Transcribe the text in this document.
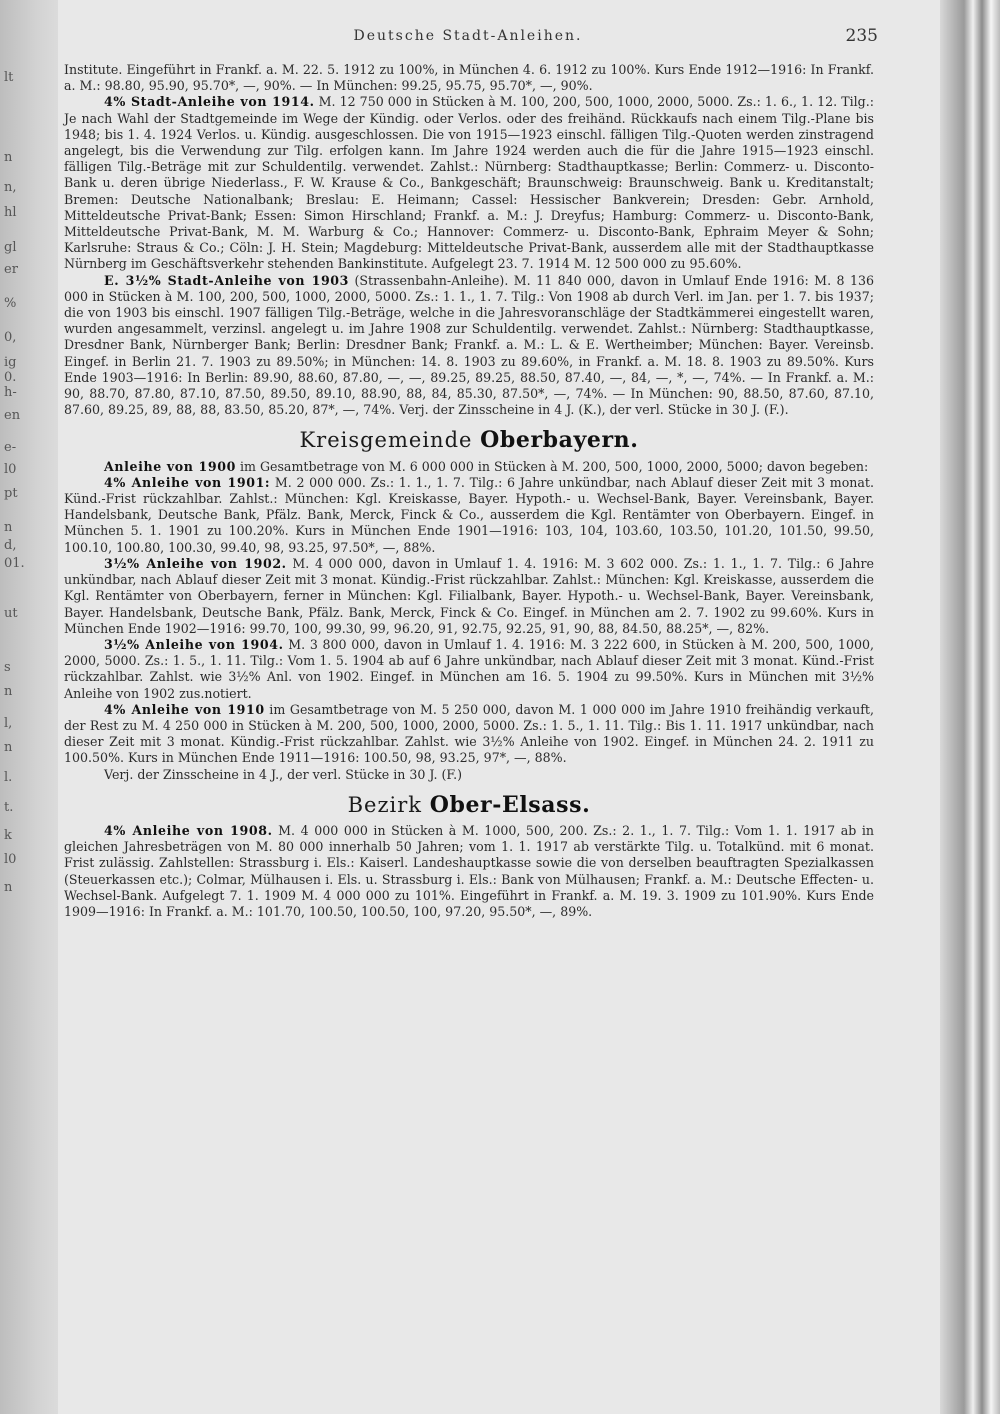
lt
n
n,
hl
gl
er
%
0,
ig
0.
h-
en
e-
l0
pt
n
d,
01.
ut
s
n
l,
n
l.
t.
k
l0
n
Deutsche Stadt-Anleihen.	235

Institute. Eingeführt in Frankf. a. M. 22. 5. 1912 zu 100%, in München 4. 6. 1912 zu 100%. Kurs Ende 1912—1916: In Frankf. a. M.: 98.80, 95.90, 95.70*, —, 90%. — In München: 99.25, 95.75, 95.70*, —, 90%.

4% Stadt-Anleihe von 1914. M. 12 750 000 in Stücken à M. 100, 200, 500, 1000, 2000, 5000. Zs.: 1. 6., 1. 12. Tilg.: Je nach Wahl der Stadtgemeinde im Wege der Kündig. oder Verlos. oder des freihänd. Rückkaufs nach einem Tilg.-Plane bis 1948; bis 1. 4. 1924 Verlos. u. Kündig. ausgeschlossen. Die von 1915—1923 einschl. fälligen Tilg.-Quoten werden zinstragend angelegt, bis die Verwendung zur Tilg. erfolgen kann. Im Jahre 1924 werden auch die für die Jahre 1915—1923 einschl. fälligen Tilg.-Beträge mit zur Schuldentilg. verwendet. Zahlst.: Nürnberg: Stadthauptkasse; Berlin: Commerz- u. Disconto-Bank u. deren übrige Niederlass., F. W. Krause & Co., Bankgeschäft; Braunschweig: Braunschweig. Bank u. Kreditanstalt; Bremen: Deutsche Nationalbank; Breslau: E. Heimann; Cassel: Hessischer Bankverein; Dresden: Gebr. Arnhold, Mitteldeutsche Privat-Bank; Essen: Simon Hirschland; Frankf. a. M.: J. Dreyfus; Hamburg: Commerz- u. Disconto-Bank, Mitteldeutsche Privat-Bank, M. M. Warburg & Co.; Hannover: Commerz- u. Disconto-Bank, Ephraim Meyer & Sohn; Karlsruhe: Straus & Co.; Cöln: J. H. Stein; Magdeburg: Mitteldeutsche Privat-Bank, ausserdem alle mit der Stadthauptkasse Nürnberg im Geschäftsverkehr stehenden Bankinstitute. Aufgelegt 23. 7. 1914 M. 12 500 000 zu 95.60%.

E. 3½% Stadt-Anleihe von 1903 (Strassenbahn-Anleihe). M. 11 840 000, davon in Umlauf Ende 1916: M. 8 136 000 in Stücken à M. 100, 200, 500, 1000, 2000, 5000. Zs.: 1. 1., 1. 7. Tilg.: Von 1908 ab durch Verl. im Jan. per 1. 7. bis 1937; die von 1903 bis einschl. 1907 fälligen Tilg.-Beträge, welche in die Jahresvoranschläge der Stadtkämmerei eingestellt waren, wurden angesammelt, verzinsl. angelegt u. im Jahre 1908 zur Schuldentilg. verwendet. Zahlst.: Nürnberg: Stadthauptkasse, Dresdner Bank, Nürnberger Bank; Berlin: Dresdner Bank; Frankf. a. M.: L. & E. Wertheimber; München: Bayer. Vereinsb. Eingef. in Berlin 21. 7. 1903 zu 89.50%; in München: 14. 8. 1903 zu 89.60%, in Frankf. a. M. 18. 8. 1903 zu 89.50%. Kurs Ende 1903—1916: In Berlin: 89.90, 88.60, 87.80, —, —, 89.25, 89.25, 88.50, 87.40, —, 84, —, *, —, 74%. — In Frankf. a. M.: 90, 88.70, 87.80, 87.10, 87.50, 89.50, 89.10, 88.90, 88, 84, 85.30, 87.50*, —, 74%. — In München: 90, 88.50, 87.60, 87.10, 87.60, 89.25, 89, 88, 88, 83.50, 85.20, 87*, —, 74%. Verj. der Zinsscheine in 4 J. (K.), der verl. Stücke in 30 J. (F.).

Kreisgemeinde Oberbayern.

Anleihe von 1900 im Gesamtbetrage von M. 6 000 000 in Stücken à M. 200, 500, 1000, 2000, 5000; davon begeben:

4% Anleihe von 1901: M. 2 000 000. Zs.: 1. 1., 1. 7. Tilg.: 6 Jahre unkündbar, nach Ablauf dieser Zeit mit 3 monat. Künd.-Frist rückzahlbar. Zahlst.: München: Kgl. Kreiskasse, Bayer. Hypoth.- u. Wechsel-Bank, Bayer. Vereinsbank, Bayer. Handelsbank, Deutsche Bank, Pfälz. Bank, Merck, Finck & Co., ausserdem die Kgl. Rentämter von Oberbayern. Eingef. in München 5. 1. 1901 zu 100.20%. Kurs in München Ende 1901—1916: 103, 104, 103.60, 103.50, 101.20, 101.50, 99.50, 100.10, 100.80, 100.30, 99.40, 98, 93.25, 97.50*, —, 88%.

3½% Anleihe von 1902. M. 4 000 000, davon in Umlauf 1. 4. 1916: M. 3 602 000. Zs.: 1. 1., 1. 7. Tilg.: 6 Jahre unkündbar, nach Ablauf dieser Zeit mit 3 monat. Kündig.-Frist rückzahlbar. Zahlst.: München: Kgl. Kreiskasse, ausserdem die Kgl. Rentämter von Oberbayern, ferner in München: Kgl. Filialbank, Bayer. Hypoth.- u. Wechsel-Bank, Bayer. Vereinsbank, Bayer. Handelsbank, Deutsche Bank, Pfälz. Bank, Merck, Finck & Co. Eingef. in München am 2. 7. 1902 zu 99.60%. Kurs in München Ende 1902—1916: 99.70, 100, 99.30, 99, 96.20, 91, 92.75, 92.25, 91, 90, 88, 84.50, 88.25*, —, 82%.

3½% Anleihe von 1904. M. 3 800 000, davon in Umlauf 1. 4. 1916: M. 3 222 600, in Stücken à M. 200, 500, 1000, 2000, 5000. Zs.: 1. 5., 1. 11. Tilg.: Vom 1. 5. 1904 ab auf 6 Jahre unkündbar, nach Ablauf dieser Zeit mit 3 monat. Künd.-Frist rückzahlbar. Zahlst. wie 3½% Anl. von 1902. Eingef. in München am 16. 5. 1904 zu 99.50%. Kurs in München mit 3½% Anleihe von 1902 zus.notiert.

4% Anleihe von 1910 im Gesamtbetrage von M. 5 250 000, davon M. 1 000 000 im Jahre 1910 freihändig verkauft, der Rest zu M. 4 250 000 in Stücken à M. 200, 500, 1000, 2000, 5000. Zs.: 1. 5., 1. 11. Tilg.: Bis 1. 11. 1917 unkündbar, nach dieser Zeit mit 3 monat. Kündig.-Frist rückzahlbar. Zahlst. wie 3½% Anleihe von 1902. Eingef. in München 24. 2. 1911 zu 100.50%. Kurs in München Ende 1911—1916: 100.50, 98, 93.25, 97*, —, 88%.

Verj. der Zinsscheine in 4 J., der verl. Stücke in 30 J. (F.)

Bezirk Ober-Elsass.

4% Anleihe von 1908. M. 4 000 000 in Stücken à M. 1000, 500, 200. Zs.: 2. 1., 1. 7. Tilg.: Vom 1. 1. 1917 ab in gleichen Jahresbeträgen von M. 80 000 innerhalb 50 Jahren; vom 1. 1. 1917 ab verstärkte Tilg. u. Totalkünd. mit 6 monat. Frist zulässig. Zahlstellen: Strassburg i. Els.: Kaiserl. Landeshauptkasse sowie die von derselben beauftragten Spezialkassen (Steuerkassen etc.); Colmar, Mülhausen i. Els. u. Strassburg i. Els.: Bank von Mülhausen; Frankf. a. M.: Deutsche Effecten- u. Wechsel-Bank. Aufgelegt 7. 1. 1909 M. 4 000 000 zu 101%. Eingeführt in Frankf. a. M. 19. 3. 1909 zu 101.90%. Kurs Ende 1909—1916: In Frankf. a. M.: 101.70, 100.50, 100.50, 100, 97.20, 95.50*, —, 89%.
